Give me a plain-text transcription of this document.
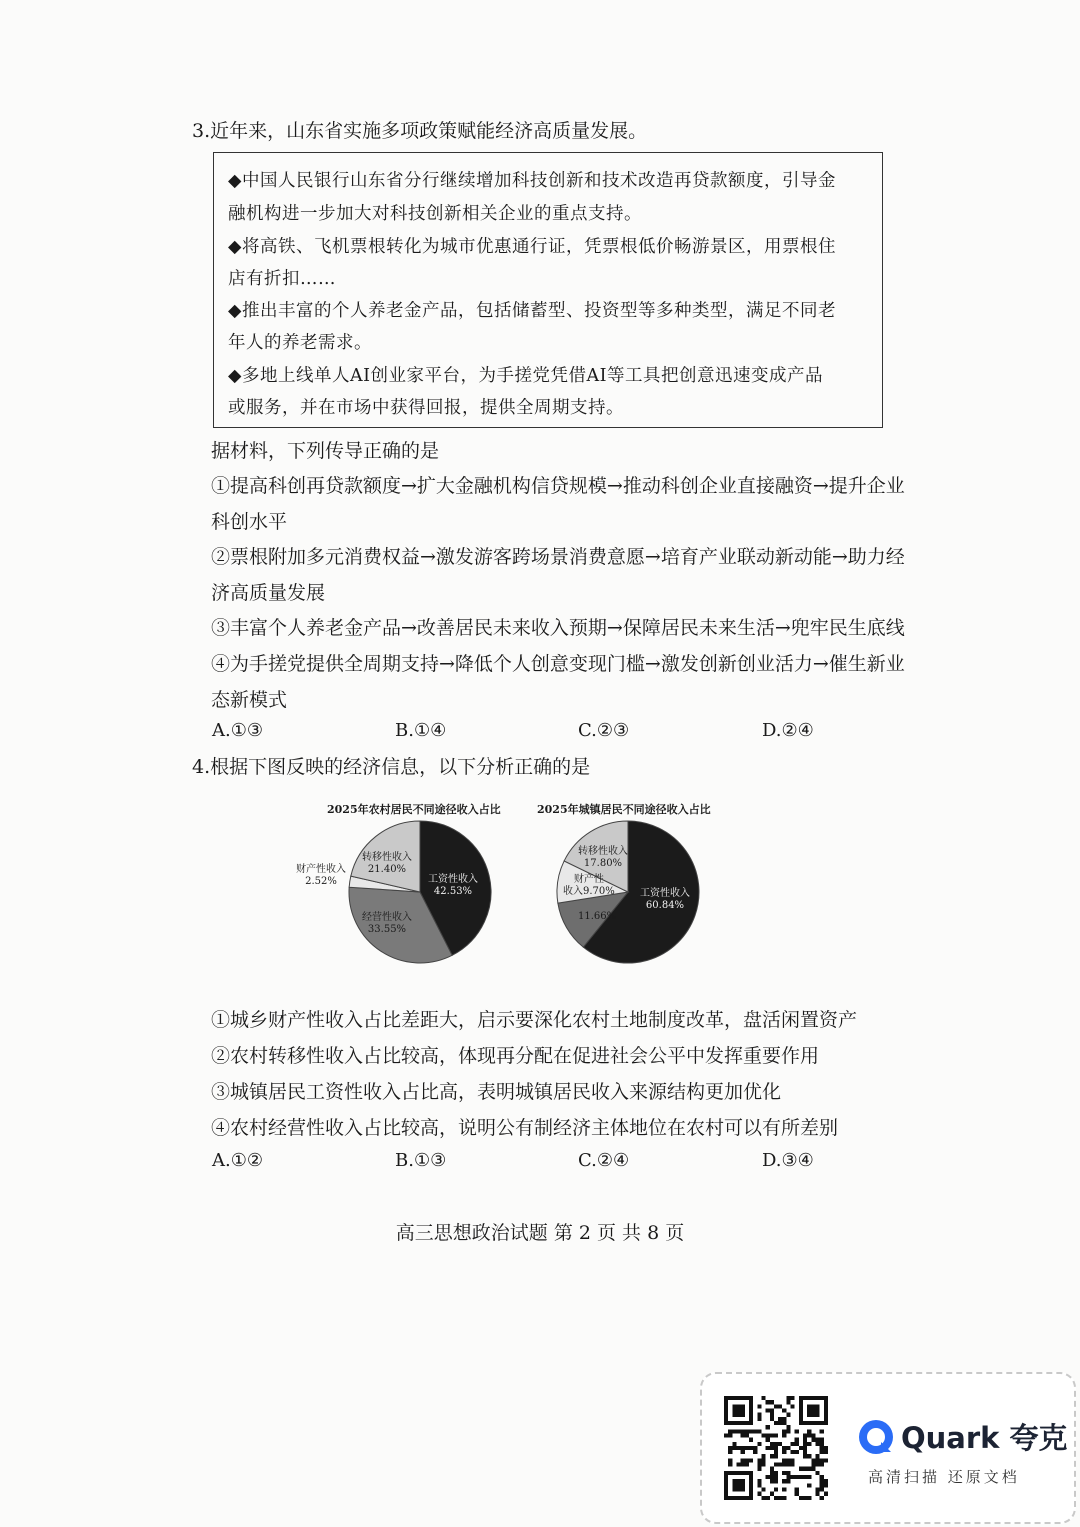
3.近年来，山东省实施多项政策赋能经济高质量发展。
◆中国人民银行山东省分行继续增加科技创新和技术改造再贷款额度，引导金
融机构进一步加大对科技创新相关企业的重点支持。
◆将高铁、飞机票根转化为城市优惠通行证，凭票根低价畅游景区，用票根住
店有折扣……
◆推出丰富的个人养老金产品，包括储蓄型、投资型等多种类型，满足不同老
年人的养老需求。
◆多地上线单人AI创业家平台，为手搓党凭借AI等工具把创意迅速变成产品
或服务，并在市场中获得回报，提供全周期支持。
据材料，下列传导正确的是
①提高科创再贷款额度→扩大金融机构信贷规模→推动科创企业直接融资→提升企业
科创水平
②票根附加多元消费权益→激发游客跨场景消费意愿→培育产业联动新动能→助力经
济高质量发展
③丰富个人养老金产品→改善居民未来收入预期→保障居民未来生活→兜牢民生底线
④为手搓党提供全周期支持→降低个人创意变现门槛→激发创新创业活力→催生新业
态新模式
A.①③	B.①④	C.②③	D.②④
4.根据下图反映的经济信息，以下分析正确的是
2025年农村居民不同途径收入占比	2025年城镇居民不同途径收入占比
转移性收入
21.40%
工资性收入
42.53%
经营性收入
33.55%
财产性收入
2.52%
转移性收入
17.80%
工资性收入
60.84%
财产性
收入9.70%
11.66%
①城乡财产性收入占比差距大，启示要深化农村土地制度改革，盘活闲置资产
②农村转移性收入占比较高，体现再分配在促进社会公平中发挥重要作用
③城镇居民工资性收入占比高，表明城镇居民收入来源结构更加优化
④农村经营性收入占比较高，说明公有制经济主体地位在农村可以有所差别
A.①②	B.①③	C.②④	D.③④
高三思想政治试题 第 2 页 共 8 页
Quark 夸克
高清扫描 还原文档
